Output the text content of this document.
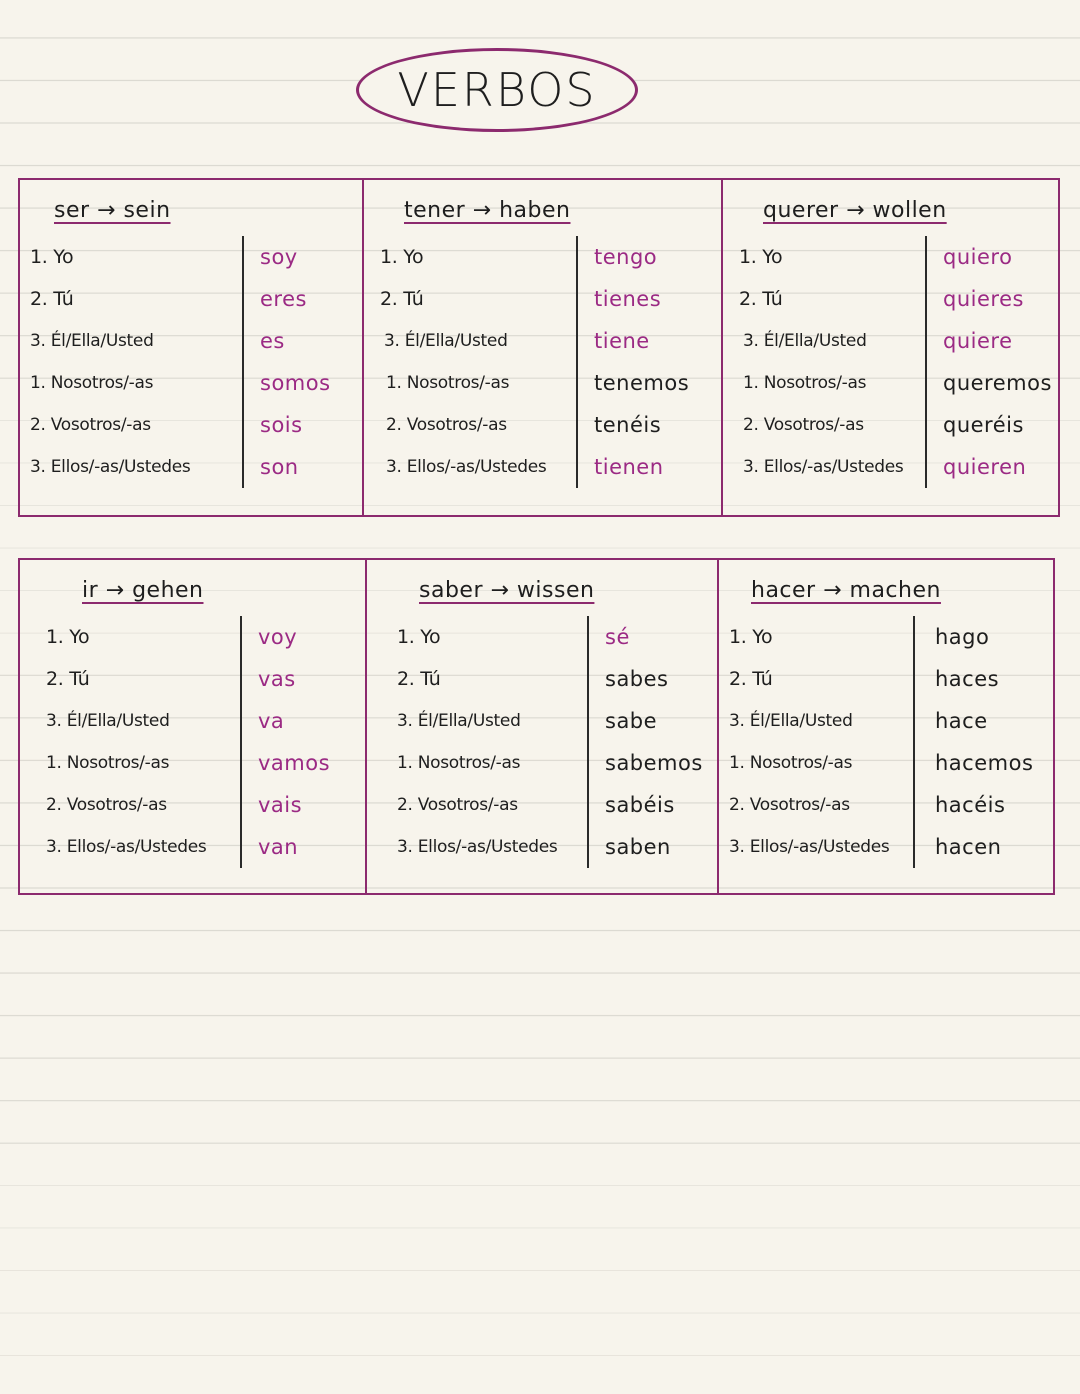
VERBOS
ser → sein
1. Yo	soy
2. Tú	eres
3. Él/Ella/Usted	es
1. Nosotros/-as	somos
2. Vosotros/-as	sois
3. Ellos/-as/Ustedes	son
tener → haben
1. Yo	tengo
2. Tú	tienes
3. Él/Ella/Usted	tiene
1. Nosotros/-as	tenemos
2. Vosotros/-as	tenéis
3. Ellos/-as/Ustedes	tienen
querer → wollen
1. Yo	quiero
2. Tú	quieres
3. Él/Ella/Usted	quiere
1. Nosotros/-as	queremos
2. Vosotros/-as	queréis
3. Ellos/-as/Ustedes	quieren
ir → gehen
1. Yo	voy
2. Tú	vas
3. Él/Ella/Usted	va
1. Nosotros/-as	vamos
2. Vosotros/-as	vais
3. Ellos/-as/Ustedes	van
saber → wissen
1. Yo	sé
2. Tú	sabes
3. Él/Ella/Usted	sabe
1. Nosotros/-as	sabemos
2. Vosotros/-as	sabéis
3. Ellos/-as/Ustedes	saben
hacer → machen
1. Yo	hago
2. Tú	haces
3. Él/Ella/Usted	hace
1. Nosotros/-as	hacemos
2. Vosotros/-as	hacéis
3. Ellos/-as/Ustedes	hacen
